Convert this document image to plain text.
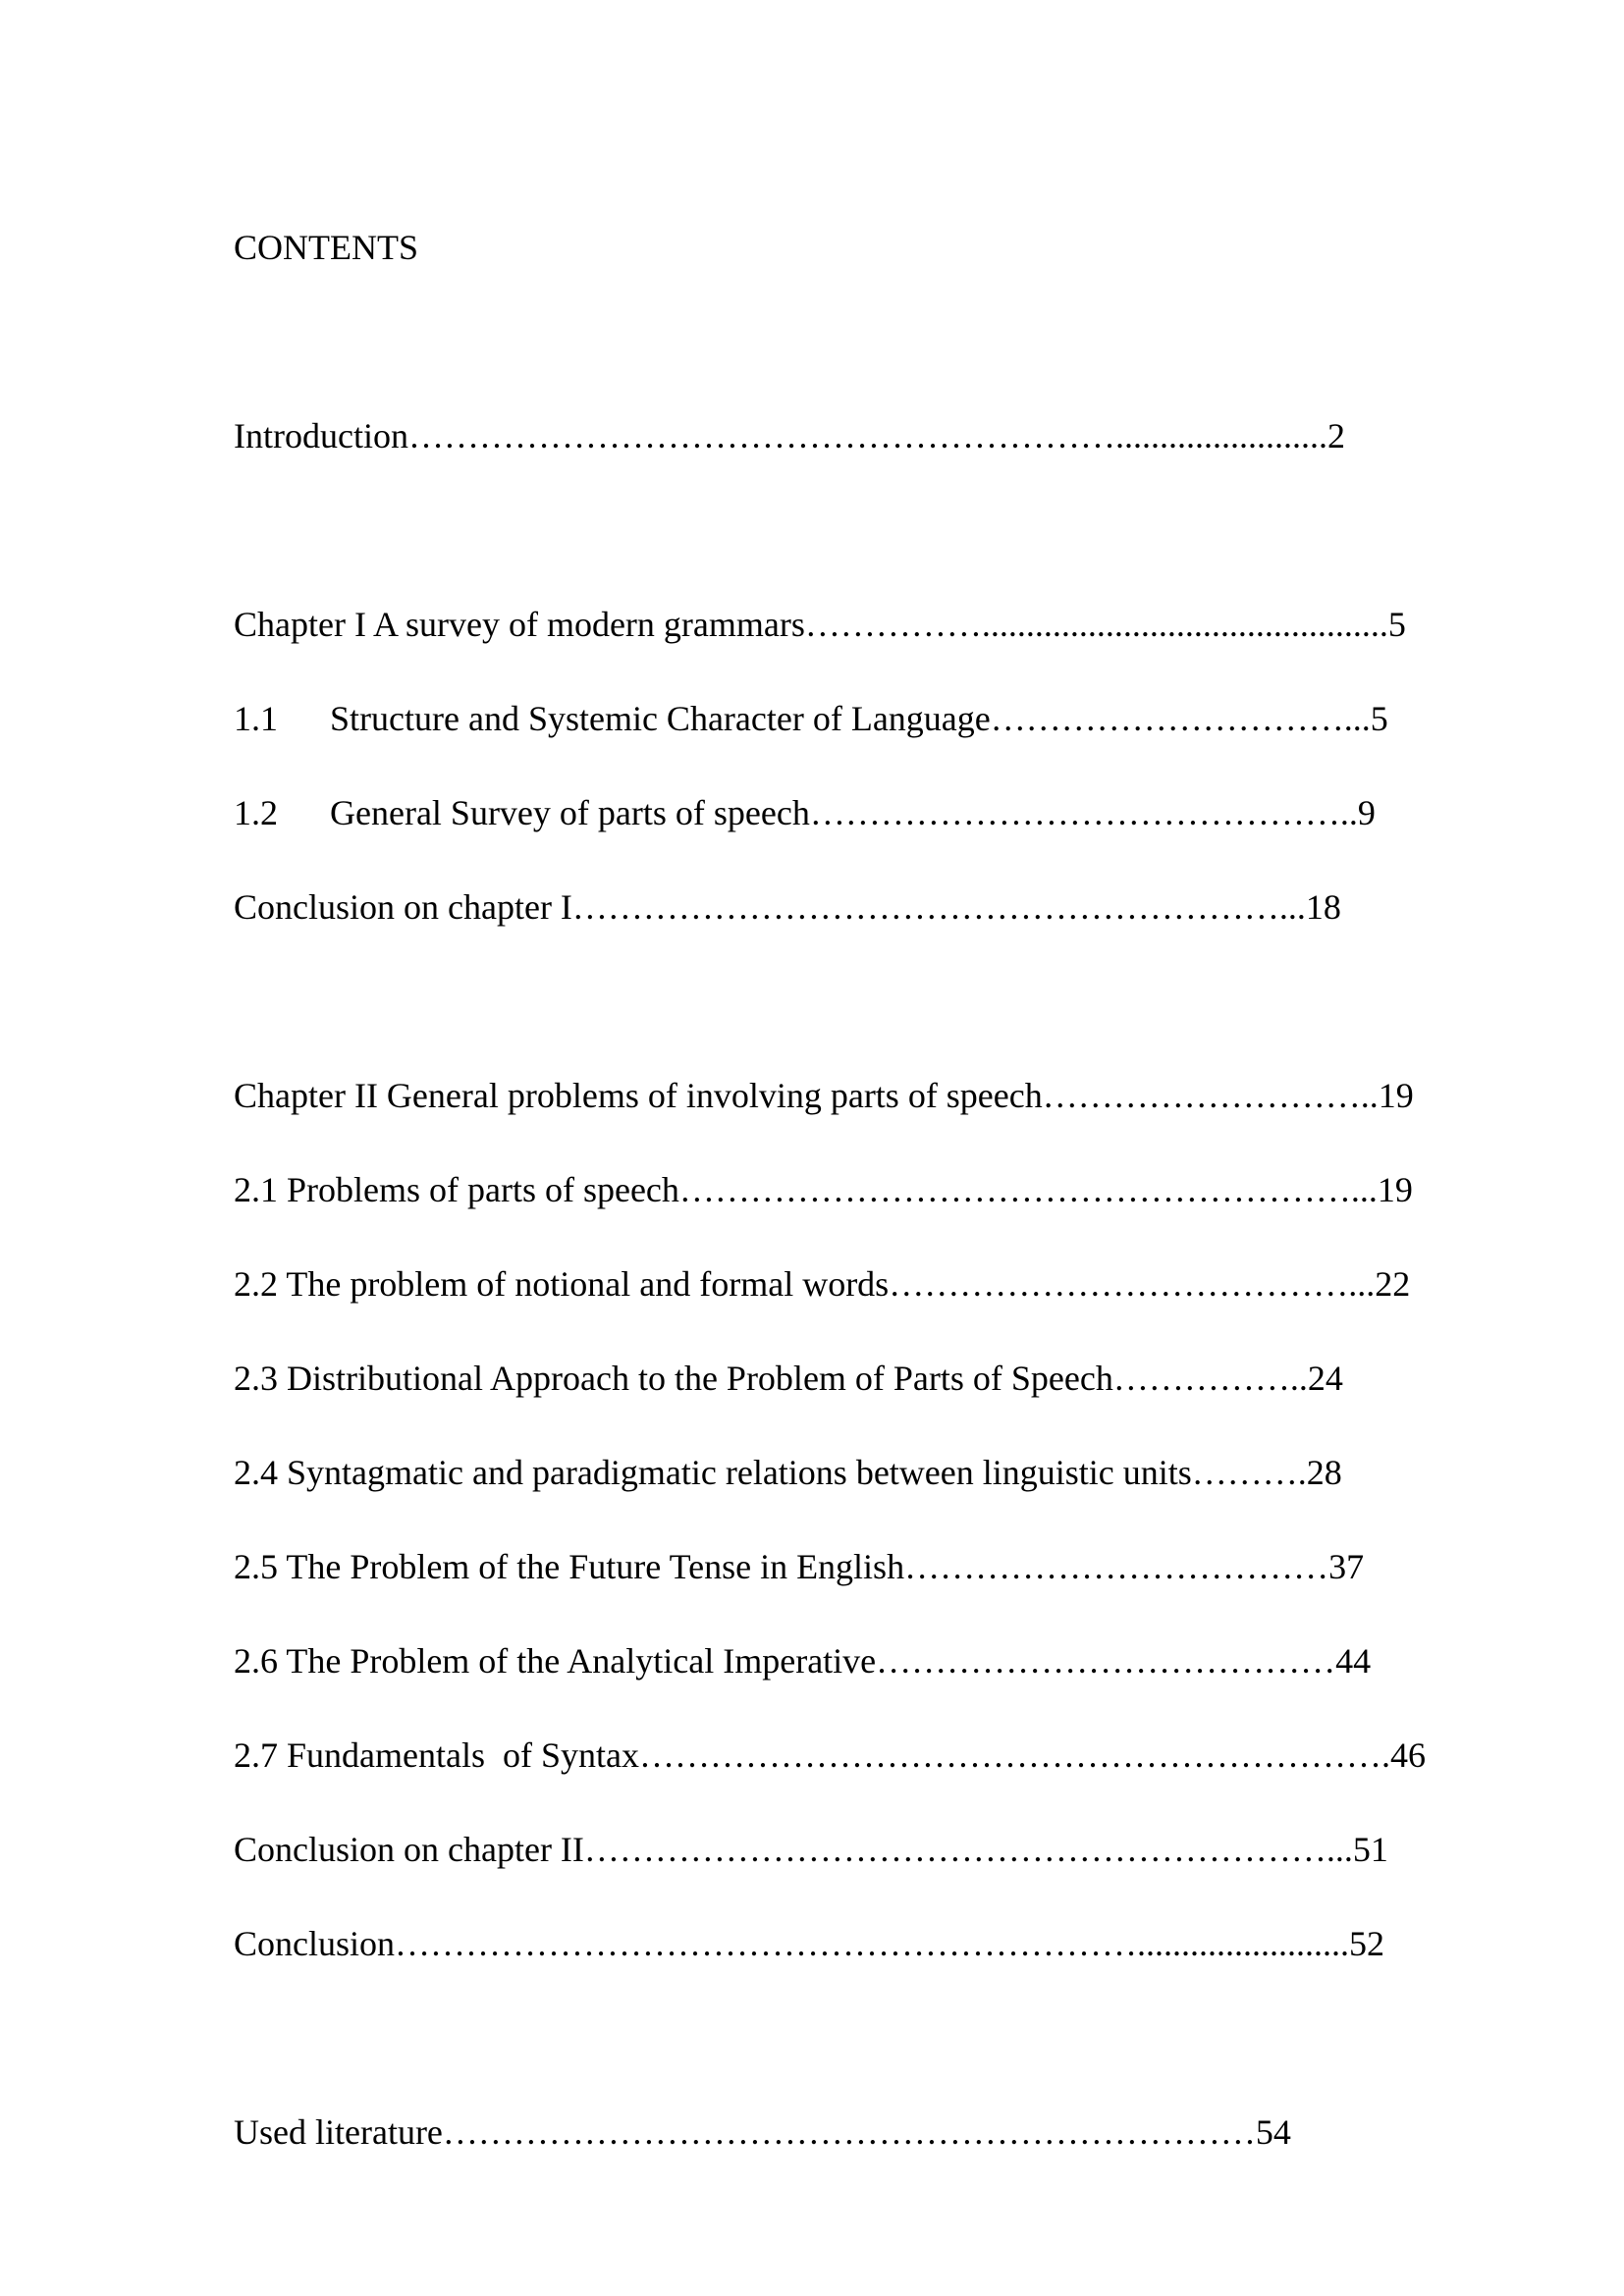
CONTENTS
Introduction……………………………………………………........................2
Chapter I A survey of modern grammars……………..............................................5
1.1 Structure and Systemic Character of Language…………………………...5
1.2 General Survey of parts of speech………………………………………..9
Conclusion on chapter I……………………………………………………...18
Chapter II General problems of involving parts of speech………………………..19
2.1 Problems of parts of speech…………………………………………………...19
2.2 The problem of notional and formal words…………………………………...22
2.3 Distributional Approach to the Problem of Parts of Speech……………..24
2.4 Syntagmatic and paradigmatic relations between linguistic units……….28
2.5 The Problem of the Future Tense in English………………………………37
2.6 The Problem of the Analytical Imperative…………………………………44
2.7 Fundamentals  of Syntax……………………………………………………….46
Conclusion on chapter II………………………………………………………...51
Conclusion………………………………………………………........................52
Used literature……………………………………………………………54
